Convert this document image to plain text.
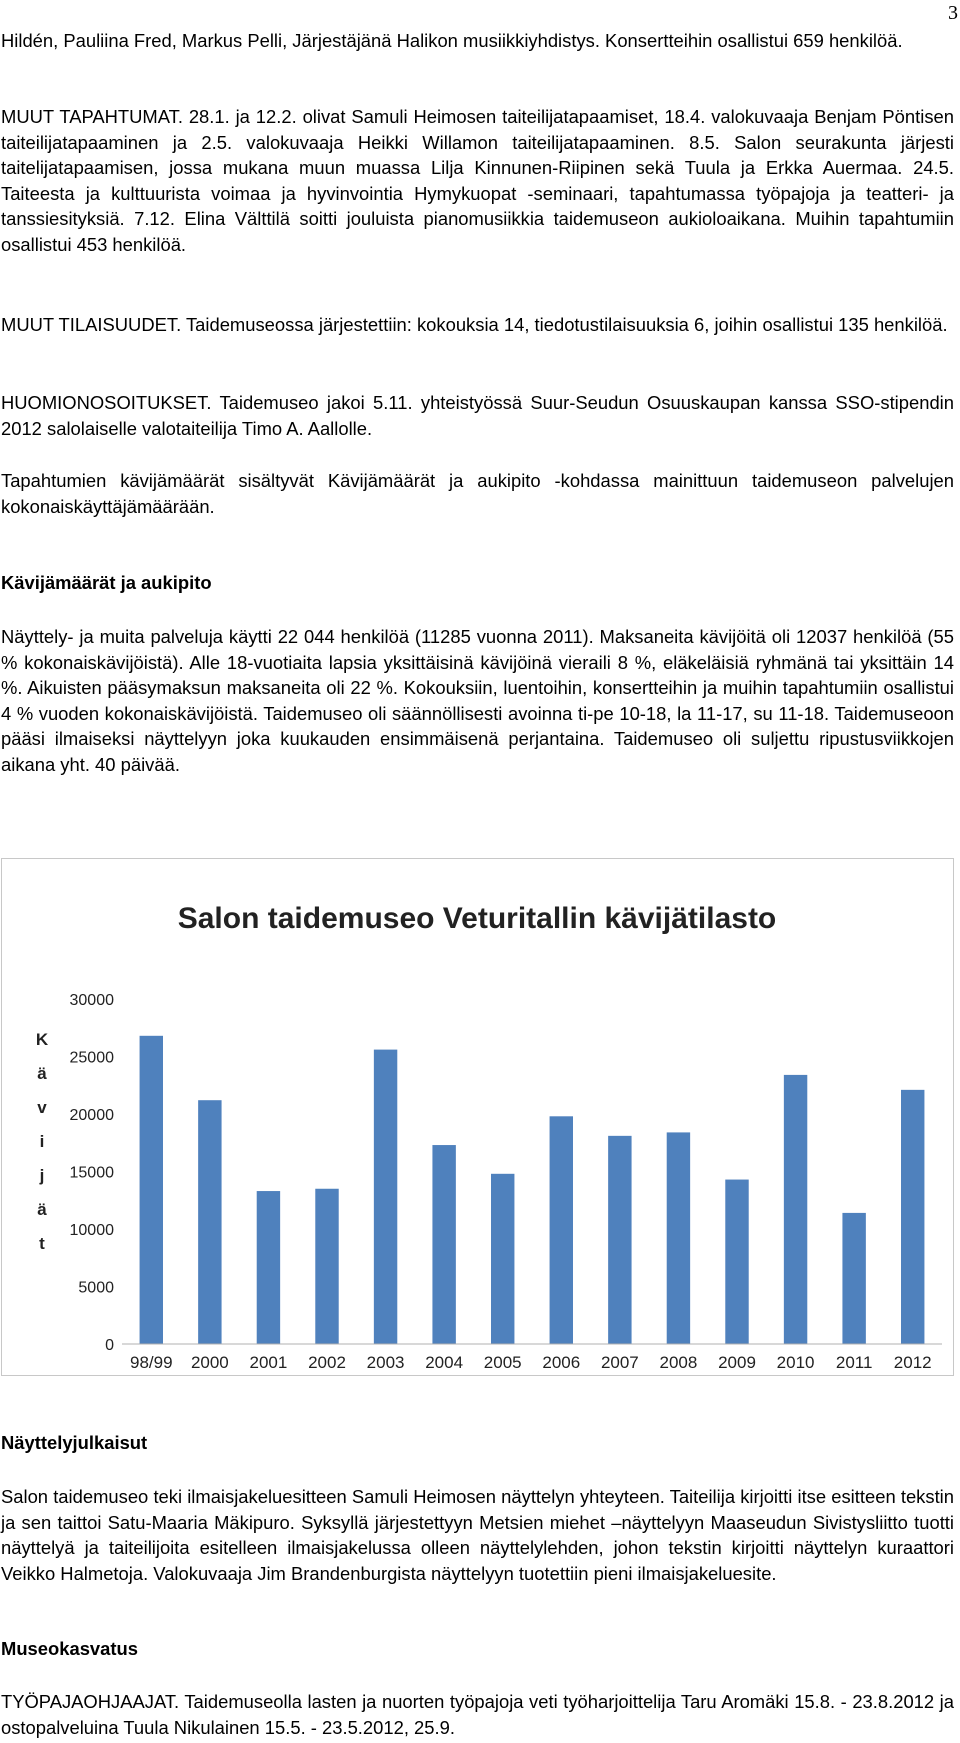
3

Hildén, Pauliina Fred, Markus Pelli, Järjestäjänä Halikon musiikkiyhdistys. Konsertteihin osallistui 659 henkilöä.

MUUT TAPAHTUMAT. 28.1. ja 12.2. olivat Samuli Heimosen taiteilijatapaamiset, 18.4. valokuvaaja Benjam Pöntisen taiteilijatapaaminen ja 2.5. valokuvaaja Heikki Willamon taiteilijatapaaminen. 8.5. Salon seurakunta järjesti taitelijatapaamisen, jossa mukana muun muassa Lilja Kinnunen-Riipinen sekä Tuula ja Erkka Auermaa. 24.5. Taiteesta ja kulttuurista voimaa ja hyvinvointia Hymykuopat -seminaari, tapahtumassa työpajoja ja teatteri- ja tanssiesityksiä. 7.12. Elina Välttilä soitti jouluista pianomusiikkia taidemuseon aukioloaikana. Muihin tapahtumiin osallistui 453 henkilöä.

MUUT TILAISUUDET. Taidemuseossa järjestettiin: kokouksia 14, tiedotustilaisuuksia 6, joihin osallistui 135 henkilöä.

HUOMIONOSOITUKSET. Taidemuseo jakoi 5.11. yhteistyössä Suur-Seudun Osuuskaupan kanssa SSO-stipendin 2012 salolaiselle valotaiteilija Timo A. Aallolle.

Tapahtumien kävijämäärät sisältyvät Kävijämäärät ja aukipito -kohdassa mainittuun taidemuseon palvelujen kokonaiskäyttäjämäärään.

Kävijämäärät ja aukipito

Näyttely- ja muita palveluja käytti 22 044 henkilöä (11285 vuonna 2011). Maksaneita kävijöitä oli 12037 henkilöä (55 % kokonaiskävijöistä). Alle 18-vuotiaita lapsia yksittäisinä kävijöinä vieraili 8 %, eläkeläisiä ryhmänä tai yksittäin 14 %. Aikuisten pääsymaksun maksaneita oli 22 %. Kokouksiin, luentoihin, konsertteihin ja muihin tapahtumiin osallistui 4 % vuoden kokonaiskävijöistä. Taidemuseo oli säännöllisesti avoinna ti-pe 10-18, la 11-17, su 11-18. Taidemuseoon pääsi ilmaiseksi näyttelyyn joka kuukauden ensimmäisenä perjantaina. Taidemuseo oli suljettu ripustusviikkojen aikana yht. 40 päivää.

Salon taidemuseo Veturitallin kävijätilasto
K
ä
v
i
j
ä
t
0
5000
10000
15000
20000
25000
30000
98/99 2000 2001 2002 2003 2004 2005 2006 2007 2008 2009 2010 2011 2012
Näyttelyjulkaisut

Salon taidemuseo teki ilmaisjakeluesitteen Samuli Heimosen näyttelyn yhteyteen. Taiteilija kirjoitti itse esitteen tekstin ja sen taittoi Satu-Maaria Mäkipuro. Syksyllä järjestettyyn Metsien miehet –näyttelyyn Maaseudun Sivistysliitto tuotti näyttelyä ja taiteilijoita esitelleen ilmaisjakelussa olleen näyttelylehden, johon tekstin kirjoitti näyttelyn kuraattori Veikko Halmetoja. Valokuvaaja Jim Brandenburgista näyttelyyn tuotettiin pieni ilmaisjakeluesite.

Museokasvatus

TYÖPAJAOHJAAJAT. Taidemuseolla lasten ja nuorten työpajoja veti työharjoittelija Taru Aromäki 15.8. - 23.8.2012 ja ostopalveluina Tuula Nikulainen 15.5. - 23.5.2012, 25.9.
